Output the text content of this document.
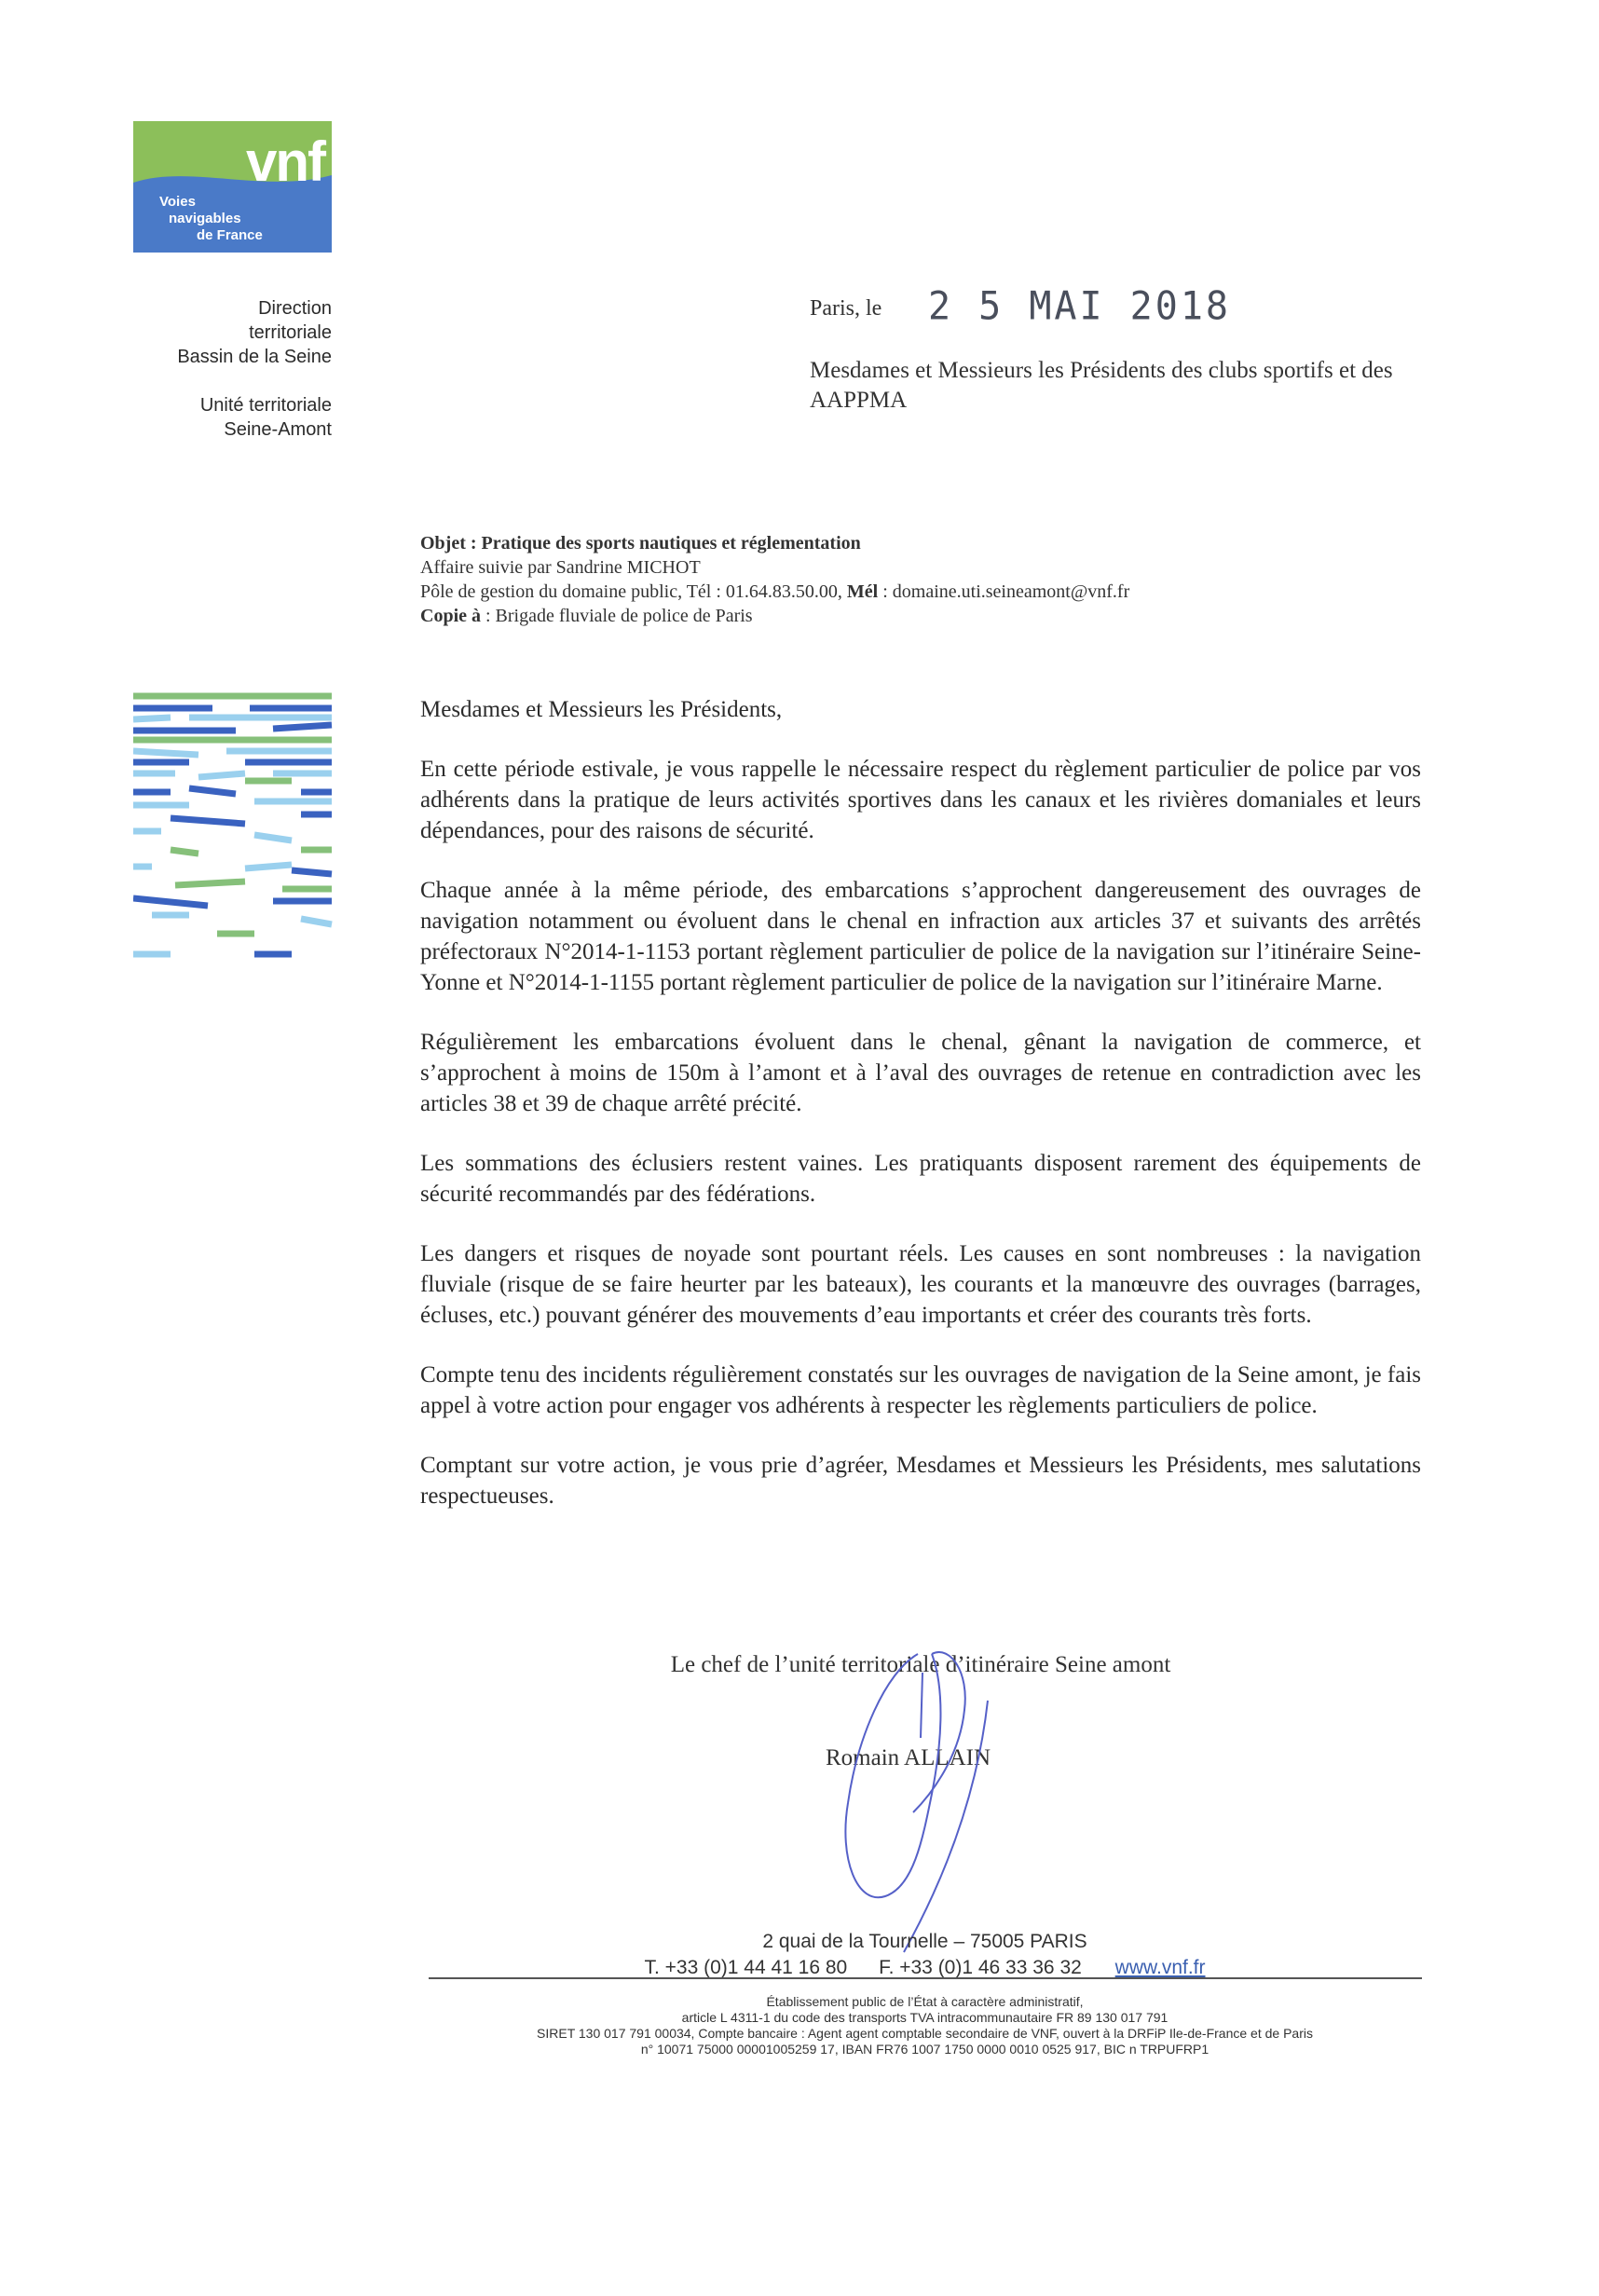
vnf
Voies
navigables
de France
Direction
territoriale
Bassin de la Seine
Unité territoriale
Seine-Amont
Paris, le 2 5 MAI 2018
Mesdames et Messieurs les Présidents des clubs sportifs et des AAPPMA
Objet : Pratique des sports nautiques et réglementation
Affaire suivie par Sandrine MICHOT
Pôle de gestion du domaine public, Tél : 01.64.83.50.00, Mél : domaine.uti.seineamont@vnf.fr
Copie à : Brigade fluviale de police de Paris

Mesdames et Messieurs les Présidents,

En cette période estivale, je vous rappelle le nécessaire respect du règlement particulier de police par vos adhérents dans la pratique de leurs activités sportives dans les canaux et les rivières domaniales et leurs dépendances, pour des raisons de sécurité.

Chaque année à la même période, des embarcations s’approchent dangereusement des ouvrages de navigation notamment ou évoluent dans le chenal en infraction aux articles 37 et suivants des arrêtés préfectoraux N°2014-1-1153 portant règlement particulier de police de la navigation sur l’itinéraire Seine-Yonne et N°2014-1-1155 portant règlement particulier de police de la navigation sur l’itinéraire Marne.

Régulièrement les embarcations évoluent dans le chenal, gênant la navigation de commerce, et s’approchent à moins de 150m à l’amont et à l’aval des ouvrages de retenue en contradiction avec les articles 38 et 39 de chaque arrêté précité.

Les sommations des éclusiers restent vaines. Les pratiquants disposent rarement des équipements de sécurité recommandés par des fédérations.

Les dangers et risques de noyade sont pourtant réels. Les causes en sont nombreuses : la navigation fluviale (risque de se faire heurter par les bateaux), les courants et la manœuvre des ouvrages (barrages, écluses, etc.) pouvant générer des mouvements d’eau importants et créer des courants très forts.

Compte tenu des incidents régulièrement constatés sur les ouvrages de navigation de la Seine amont, je fais appel à votre action pour engager vos adhérents à respecter les règlements particuliers de police.

Comptant sur votre action, je vous prie d’agréer, Mesdames et Messieurs les Présidents, mes salutations respectueuses.

Le chef de l’unité territoriale d’itinéraire Seine amont
Romain ALLAIN
2 quai de la Tournelle – 75005 PARIS
T. +33 (0)1 44 41 16 80 F. +33 (0)1 46 33 36 32 www.vnf.fr
Établissement public de l’État à caractère administratif,
article L 4311-1 du code des transports TVA intracommunautaire FR 89 130 017 791
SIRET 130 017 791 00034, Compte bancaire : Agent agent comptable secondaire de VNF, ouvert à la DRFiP Ile-de-France et de Paris
n° 10071 75000 00001005259 17, IBAN FR76 1007 1750 0000 0010 0525 917, BIC n TRPUFRP1
